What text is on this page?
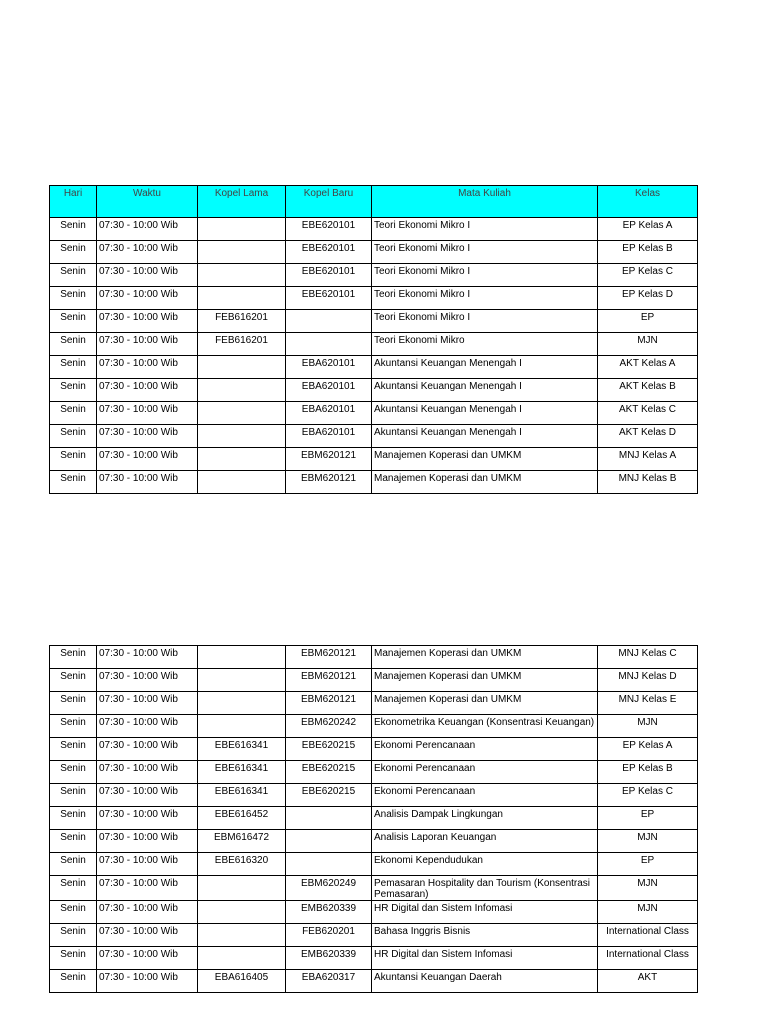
Hari	Waktu	Kopel Lama	Kopel Baru	Mata Kuliah	Kelas
Senin	07:30 - 10:00 Wib		EBE620101	Teori Ekonomi Mikro I	EP Kelas A
Senin	07:30 - 10:00 Wib		EBE620101	Teori Ekonomi Mikro I	EP Kelas B
Senin	07:30 - 10:00 Wib		EBE620101	Teori Ekonomi Mikro I	EP Kelas C
Senin	07:30 - 10:00 Wib		EBE620101	Teori Ekonomi Mikro I	EP Kelas D
Senin	07:30 - 10:00 Wib	FEB616201		Teori Ekonomi Mikro I	EP
Senin	07:30 - 10:00 Wib	FEB616201		Teori Ekonomi Mikro	MJN
Senin	07:30 - 10:00 Wib		EBA620101	Akuntansi Keuangan Menengah I	AKT Kelas A
Senin	07:30 - 10:00 Wib		EBA620101	Akuntansi Keuangan Menengah I	AKT Kelas B
Senin	07:30 - 10:00 Wib		EBA620101	Akuntansi Keuangan Menengah I	AKT Kelas C
Senin	07:30 - 10:00 Wib		EBA620101	Akuntansi Keuangan Menengah I	AKT Kelas D
Senin	07:30 - 10:00 Wib		EBM620121	Manajemen Koperasi dan UMKM	MNJ Kelas A
Senin	07:30 - 10:00 Wib		EBM620121	Manajemen Koperasi dan UMKM	MNJ Kelas B
Senin	07:30 - 10:00 Wib		EBM620121	Manajemen Koperasi dan UMKM	MNJ Kelas C
Senin	07:30 - 10:00 Wib		EBM620121	Manajemen Koperasi dan UMKM	MNJ Kelas D
Senin	07:30 - 10:00 Wib		EBM620121	Manajemen Koperasi dan UMKM	MNJ Kelas E
Senin	07:30 - 10:00 Wib		EBM620242	Ekonometrika Keuangan (Konsentrasi Keuangan)	MJN
Senin	07:30 - 10:00 Wib	EBE616341	EBE620215	Ekonomi Perencanaan	EP Kelas A
Senin	07:30 - 10:00 Wib	EBE616341	EBE620215	Ekonomi Perencanaan	EP Kelas B
Senin	07:30 - 10:00 Wib	EBE616341	EBE620215	Ekonomi Perencanaan	EP Kelas C
Senin	07:30 - 10:00 Wib	EBE616452		Analisis Dampak Lingkungan	EP
Senin	07:30 - 10:00 Wib	EBM616472		Analisis Laporan Keuangan	MJN
Senin	07:30 - 10:00 Wib	EBE616320		Ekonomi Kependudukan	EP
Senin	07:30 - 10:00 Wib		EBM620249	Pemasaran Hospitality dan Tourism (Konsentrasi Pemasaran)	MJN
Senin	07:30 - 10:00 Wib		EMB620339	HR Digital dan Sistem Infomasi	MJN
Senin	07:30 - 10:00 Wib		FEB620201	Bahasa Inggris Bisnis	International Class
Senin	07:30 - 10:00 Wib		EMB620339	HR Digital dan Sistem Infomasi	International Class
Senin	07:30 - 10:00 Wib	EBA616405	EBA620317	Akuntansi Keuangan Daerah	AKT
